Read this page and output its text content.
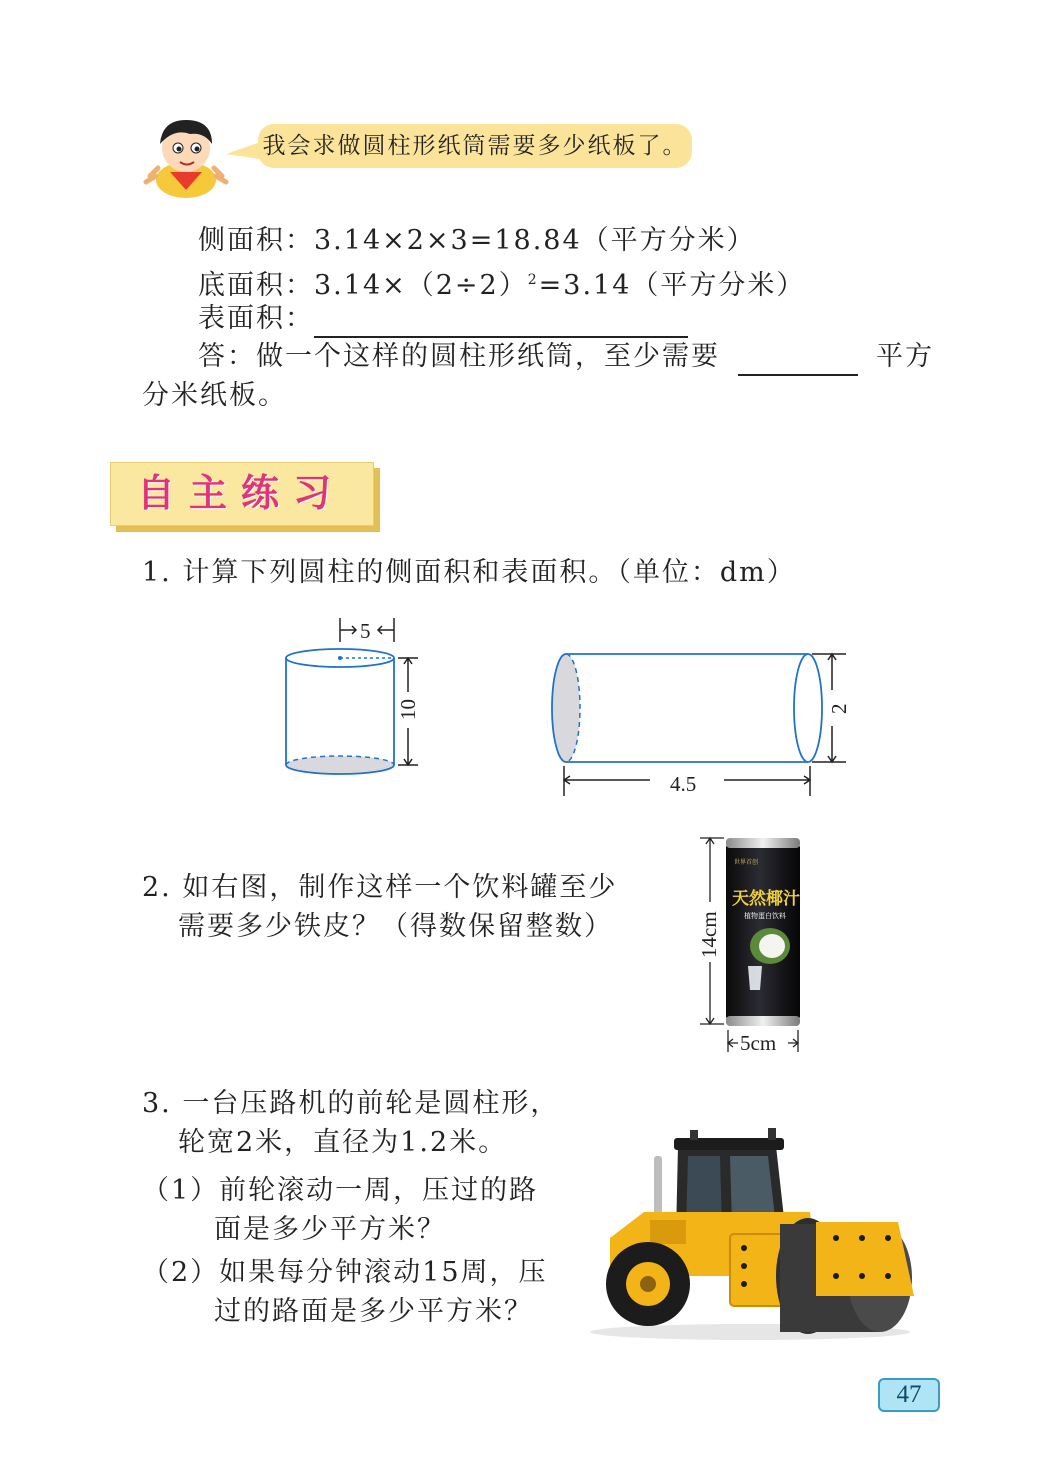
我会求做圆柱形纸筒需要多少纸板了。
侧面积：3.14×2×3=18.84（平方分米）
底面积：$3.14\times(2\div 2)^2=3.14$（平方分米）
表面积：
答：做一个这样的圆柱形纸筒，至少需要	平方
分米纸板。
自主练习
1. 计算下列圆柱的侧面积和表面积。（单位：dm）
5
10	2
4.5
2. 如右图，制作这样一个饮料罐至少
需要多少铁皮？（得数保留整数）	14cm
世界首创
天然椰汁
植物蛋白饮料
5cm
3. 一台压路机的前轮是圆柱形，
轮宽2米，直径为1.2米。
（1）前轮滚动一周，压过的路
面是多少平方米？
（2）如果每分钟滚动15周，压
过的路面是多少平方米？
47
